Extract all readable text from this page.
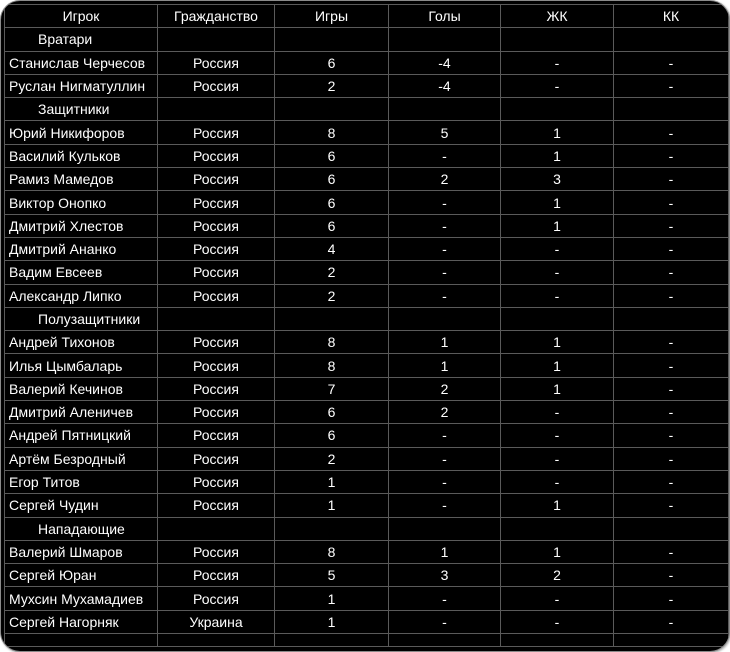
Игрок	Гражданство	Игры	Голы	ЖК	КК
Вратари					
Станислав Черчесов	Россия	6	-4	-	-
Руслан Нигматуллин	Россия	2	-4	-	-
Защитники					
Юрий Никифоров	Россия	8	5	1	-
Василий Кульков	Россия	6	-	1	-
Рамиз Мамедов	Россия	6	2	3	-
Виктор Онопко	Россия	6	-	1	-
Дмитрий Хлестов	Россия	6	-	1	-
Дмитрий Ананко	Россия	4	-	-	-
Вадим Евсеев	Россия	2	-	-	-
Александр Липко	Россия	2	-	-	-
Полузащитники					
Андрей Тихонов	Россия	8	1	1	-
Илья Цымбаларь	Россия	8	1	1	-
Валерий Кечинов	Россия	7	2	1	-
Дмитрий Аленичев	Россия	6	2	-	-
Андрей Пятницкий	Россия	6	-	-	-
Артём Безродный	Россия	2	-	-	-
Егор Титов	Россия	1	-	-	-
Сергей Чудин	Россия	1	-	1	-
Нападающие					
Валерий Шмаров	Россия	8	1	1	-
Сергей Юран	Россия	5	3	2	-
Мухсин Мухамадиев	Россия	1	-	-	-
Сергей Нагорняк	Украина	1	-	-	-
